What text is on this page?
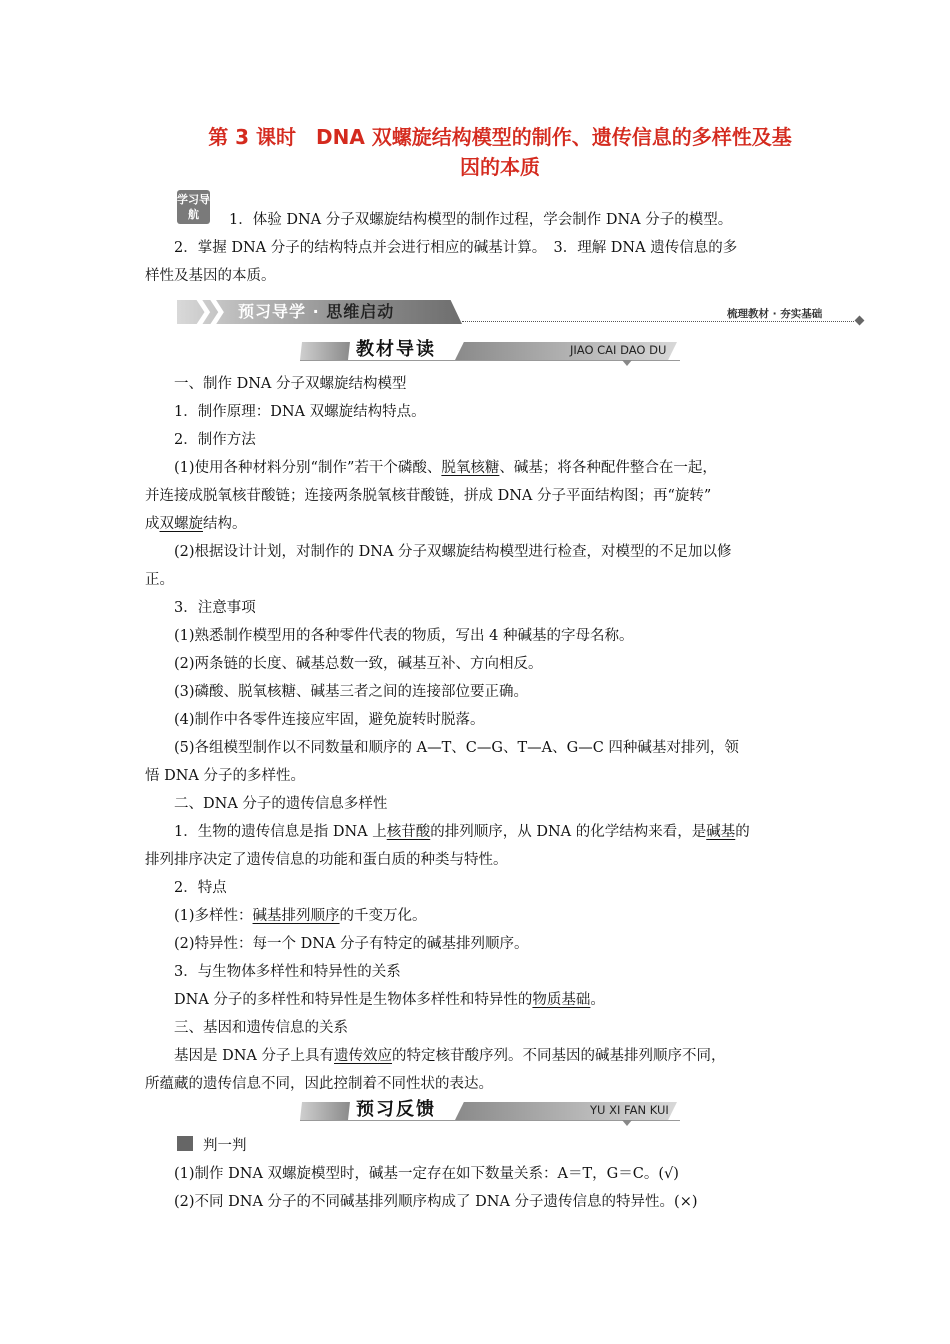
第 3 课时　DNA 双螺旋结构模型的制作、遗传信息的多样性及基
因的本质
学习导航	1．体验 DNA 分子双螺旋结构模型的制作过程，学会制作 DNA 分子的模型。

2．掌握 DNA 分子的结构特点并会进行相应的碱基计算。　3．理解 DNA 遗传信息的多

样性及基因的本质。

❯❯ 预习导学 · 思维启动	梳理教材 · 夯实基础
教材导读	JIAO CAI DAO DU

一、制作 DNA 分子双螺旋结构模型

1．制作原理：DNA 双螺旋结构特点。

2．制作方法

(1)使用各种材料分别“制作”若干个磷酸、脱氧核糖、碱基；将各种配件整合在一起，

并连接成脱氧核苷酸链；连接两条脱氧核苷酸链，拼成 DNA 分子平面结构图；再“旋转”

成双螺旋结构。

(2)根据设计计划，对制作的 DNA 分子双螺旋结构模型进行检查，对模型的不足加以修

正。

3．注意事项

(1)熟悉制作模型用的各种零件代表的物质，写出 4 种碱基的字母名称。

(2)两条链的长度、碱基总数一致，碱基互补、方向相反。

(3)磷酸、脱氧核糖、碱基三者之间的连接部位要正确。

(4)制作中各零件连接应牢固，避免旋转时脱落。

(5)各组模型制作以不同数量和顺序的 A—T、C—G、T—A、G—C 四种碱基对排列，领

悟 DNA 分子的多样性。

二、DNA 分子的遗传信息多样性

1．生物的遗传信息是指 DNA 上核苷酸的排列顺序，从 DNA 的化学结构来看，是碱基的

排列排序决定了遗传信息的功能和蛋白质的种类与特性。

2．特点

(1)多样性：碱基排列顺序的千变万化。

(2)特异性：每一个 DNA 分子有特定的碱基排列顺序。

3．与生物体多样性和特异性的关系

DNA 分子的多样性和特异性是生物体多样性和特异性的物质基础。

三、基因和遗传信息的关系

基因是 DNA 分子上具有遗传效应的特定核苷酸序列。不同基因的碱基排列顺序不同，

所蕴藏的遗传信息不同，因此控制着不同性状的表达。

预习反馈	YU XI FAN KUI

判一判

(1)制作 DNA 双螺旋模型时，碱基一定存在如下数量关系：A＝T，G＝C。(√)

(2)不同 DNA 分子的不同碱基排列顺序构成了 DNA 分子遗传信息的特异性。(×)
